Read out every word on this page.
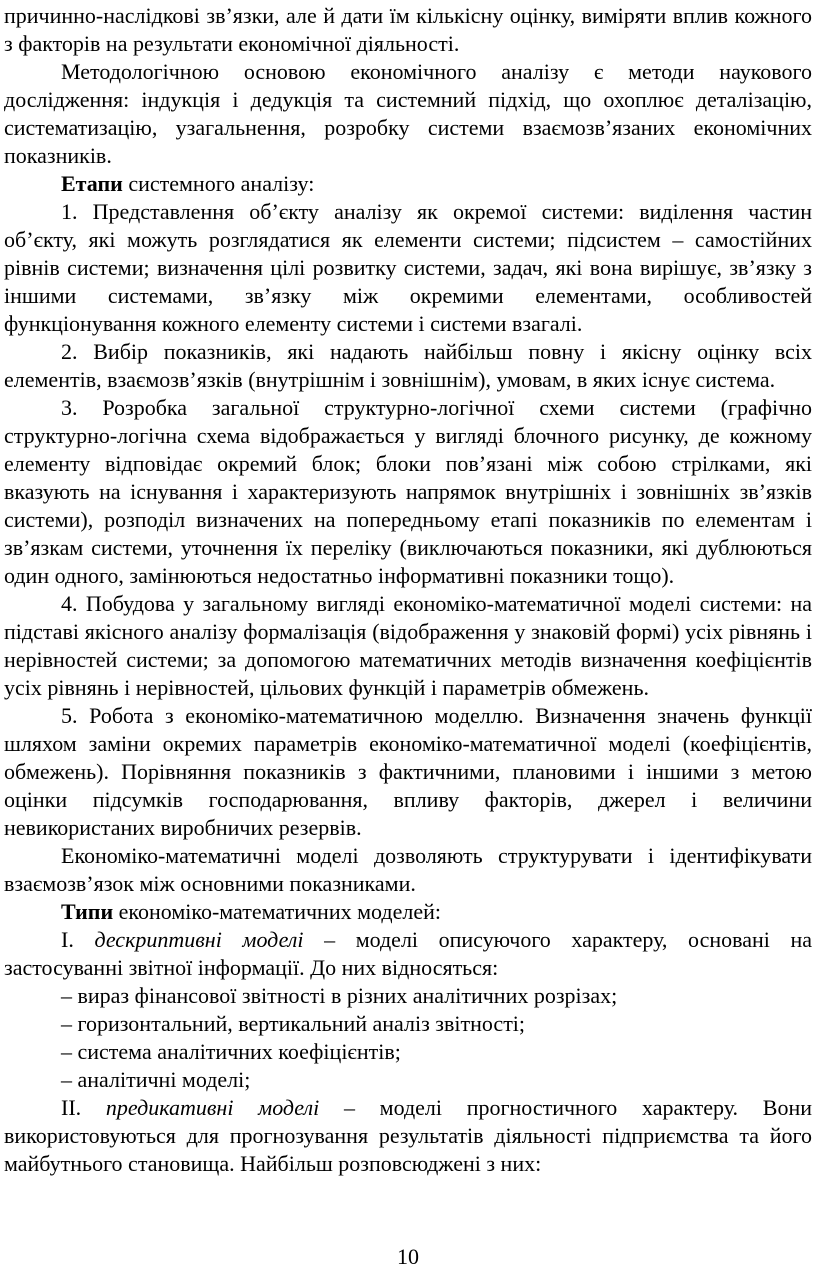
причинно-наслідкові зв’язки, але й дати їм кількісну оцінку, виміряти вплив кожного з факторів на результати економічної діяльності.

Методологічною основою економічного аналізу є методи наукового дослідження: індукція і дедукція та системний підхід, що охоплює деталізацію, систематизацію, узагальнення, розробку системи взаємозв’язаних економічних показників.

Етапи системного аналізу:

1. Представлення об’єкту аналізу як окремої системи: виділення частин об’єкту, які можуть розглядатися як елементи системи; підсистем – самостійних рівнів системи; визначення цілі розвитку системи, задач, які вона вирішує, зв’язку з іншими системами, зв’язку між окремими елементами, особливостей функціонування кожного елементу системи і системи взагалі.

2. Вибір показників, які надають найбільш повну і якісну оцінку всіх елементів, взаємозв’язків (внутрішнім і зовнішнім), умовам, в яких існує система.

3. Розробка загальної структурно-логічної схеми системи (графічно структурно-логічна схема відображається у вигляді блочного рисунку, де кожному елементу відповідає окремий блок; блоки пов’язані між собою стрілками, які вказують на існування і характеризують напрямок внутрішніх і зовнішніх зв’язків системи), розподіл визначених на попередньому етапі показників по елементам і зв’язкам системи, уточнення їх переліку (виключаються показники, які дублюються один одного, замінюються недостатньо інформативні показники тощо).

4. Побудова у загальному вигляді економіко-математичної моделі системи: на підставі якісного аналізу формалізація (відображення у знаковій формі) усіх рівнянь і нерівностей системи; за допомогою математичних методів визначення коефіцієнтів усіх рівнянь і нерівностей, цільових функцій і параметрів обмежень.

5. Робота з економіко-математичною моделлю. Визначення значень функції шляхом заміни окремих параметрів економіко-математичної моделі (коефіцієнтів, обмежень). Порівняння показників з фактичними, плановими і іншими з метою оцінки підсумків господарювання, впливу факторів, джерел і величини невикористаних виробничих резервів.

Економіко-математичні моделі дозволяють структурувати і ідентифікувати взаємозв’язок між основними показниками.

Типи економіко-математичних моделей:

I. дескриптивні моделі – моделі описуючого характеру, основані на застосуванні звітної інформації. До них відносяться:

– вираз фінансової звітності в різних аналітичних розрізах;

– горизонтальний, вертикальний аналіз звітності;

– система аналітичних коефіцієнтів;

– аналітичні моделі;

II. предикативні моделі – моделі прогностичного характеру. Вони використовуються для прогнозування результатів діяльності підприємства та його майбутнього становища. Найбільш розповсюджені з них:

10
